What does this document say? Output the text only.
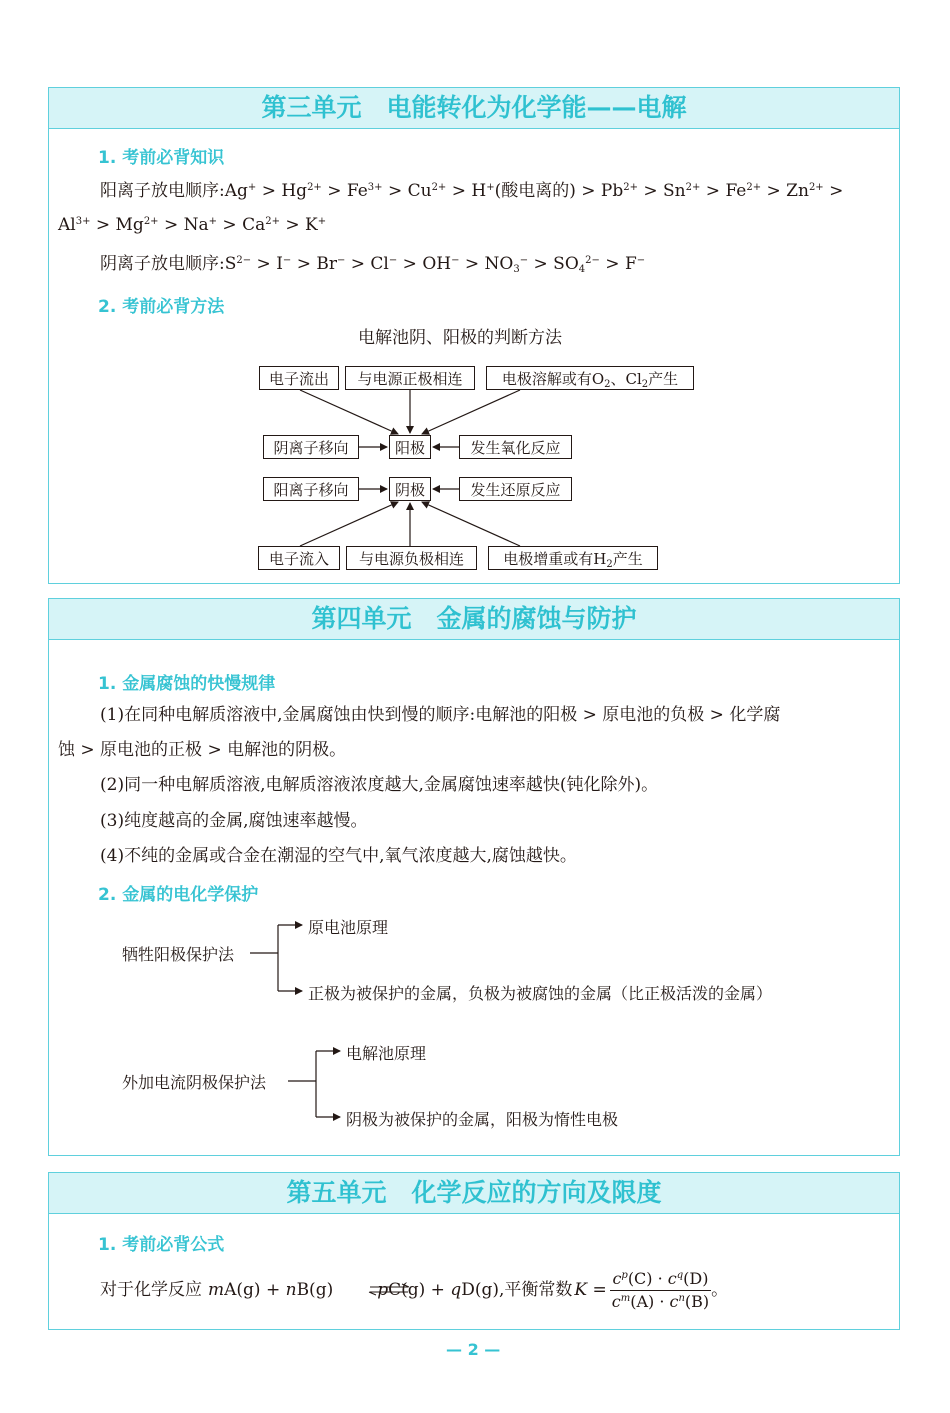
第三单元　电能转化为化学能——电解
1. 考前必背知识
阳离子放电顺序:Ag+ > $Hg^{2+} > Fe^{3+} > Cu^{2+} > H^+$(酸电离的) > $Pb^{2+} > Sn^{2+} > Fe^{2+} > Zn^{2+}$ >
$Al^{3+} > Mg^{2+} > Na^+ > Ca^{2+} > K^+$
阴离子放电顺序$:S^{2-} > I^- > Br^- > Cl^- > OH^- > NO_3^- > SO_4^{2-} > F^-$
2. 考前必背方法
电解池阴、阳极的判断方法
电子流出	与电源正极相连	电极溶解或有$O_2$、$Cl_2$产生
阴离子移向	阳极	发生氧化反应
阳离子移向	阴极	发生还原反应
电子流入	与电源负极相连	电极增重或有$H_2$产生
第四单元　金属的腐蚀与防护
1. 金属腐蚀的快慢规律
(1)在同种电解质溶液中,金属腐蚀由快到慢的顺序:电解池的阳极 > 原电池的负极 > 化学腐
蚀 > 原电池的正极 > 电解池的阴极。
(2)同一种电解质溶液,电解质溶液浓度越大,金属腐蚀速率越快(钝化除外)。
(3)纯度越高的金属,腐蚀速率越慢。
(4)不纯的金属或合金在潮湿的空气中,氧气浓度越大,腐蚀越快。
2. 金属的电化学保护
牺牲阳极保护法
原电池原理
正极为被保护的金属，负极为被腐蚀的金属（比正极活泼的金属）
外加电流阴极保护法
电解池原理
阴极为被保护的金属，阳极为惰性电极
第五单元　化学反应的方向及限度
1. 考前必背公式
对于化学反应 mA(g) + nB(g)	pC(g) + qD(g) ,平衡常数 $K = \frac{c^p(C) \cdot c^q(D)}{c^m(A) \cdot c^n(B)}$ 。
— 2 —
